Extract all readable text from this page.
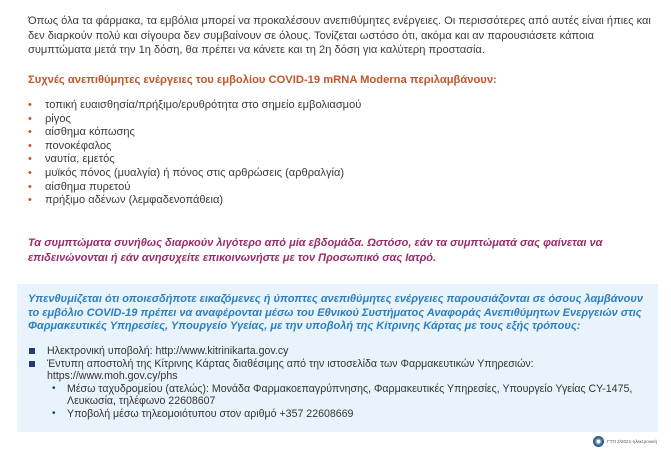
Όπως όλα τα φάρμακα, τα εμβόλια μπορεί να προκαλέσουν ανεπιθύμητες ενέργειες. Οι περισσότερες από αυτές είναι ήπιες και δεν διαρκούν πολύ και σίγουρα δεν συμβαίνουν σε όλους. Τονίζεται ωστόσο ότι, ακόμα και αν παρουσιάσετε κάποια συμπτώματα μετά την 1η δόση, θα πρέπει να κάνετε και τη 2η δόση για καλύτερη προστασία.
Συχνές ανεπιθύμητες ενέργειες του εμβολίου COVID-19 mRNA Moderna περιλαμβάνουν:
• τοπική ευαισθησία/πρήξιμο/ερυθρότητα στο σημείο εμβολιασμού
• ρίγος
• αίσθημα κόπωσης
• πονοκέφαλος
• ναυτία, εμετός
• μυϊκός πόνος (μυαλγία) ή πόνος στις αρθρώσεις (αρθραλγία)
• αίσθημα πυρετού
• πρήξιμο αδένων (λεμφαδενοπάθεια)
Τα συμπτώματα συνήθως διαρκούν λιγότερο από μία εβδομάδα. Ωστόσο, εάν τα συμπτώματά σας φαίνεται να επιδεινώνονται ή εάν ανησυχείτε επικοινωνήστε με τον Προσωπικό σας Ιατρό.
Υπενθυμίζεται ότι οποιεσδήποτε εικαζόμενες ή ύποπτες ανεπιθύμητες ενέργειες παρουσιάζονται σε όσους λαμβάνουν το εμβόλιο COVID-19 πρέπει να αναφέρονται μέσω του Εθνικού Συστήματος Αναφοράς Ανεπιθύμητων Ενεργειών στις Φαρμακευτικές Υπηρεσίες, Υπουργείο Υγείας, με την υποβολή της Κίτρινης Κάρτας με τους εξής τρόπους:
Ηλεκτρονική υποβολή: http://www.kitrinikarta.gov.cy
Έντυπη αποστολή της Κίτρινης Κάρτας διαθέσιμης από την ιστοσελίδα των Φαρμακευτικών Υπηρεσιών: https://www.moh.gov.cy/phs
• Μέσω ταχυδρομείου (ατελώς): Μονάδα Φαρμακοεπαγρύπνησης, Φαρμακευτικές Υπηρεσίες, Υπουργείο Υγείας CY-1475, Λευκωσία, τηλέφωνο 22608607
• Υποβολή μέσω τηλεομοιότυπου στον αριθμό +357 22608669
ΓΤΠ 2/2021-ηλεκτρονική
